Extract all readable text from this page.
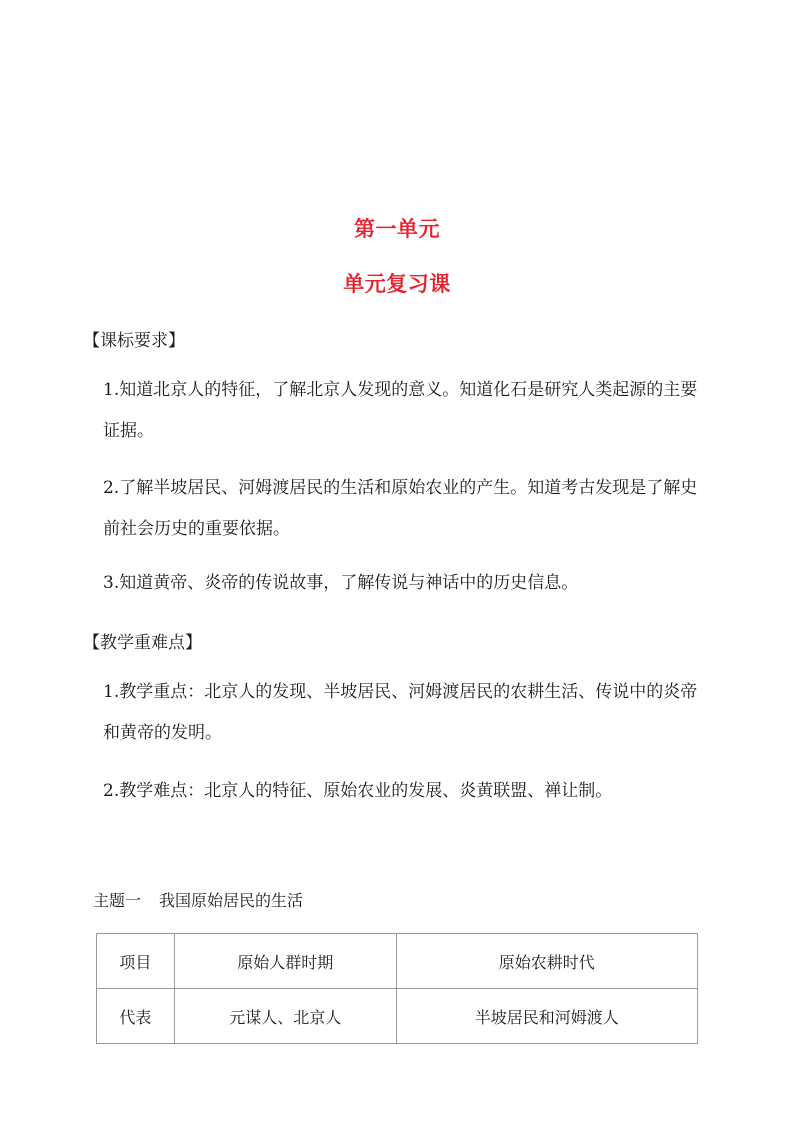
第一单元
单元复习课
【课标要求】
1.知道北京人的特征，了解北京人发现的意义。知道化石是研究人类起源的主要
证据。
2.了解半坡居民、河姆渡居民的生活和原始农业的产生。知道考古发现是了解史
前社会历史的重要依据。
3.知道黄帝、炎帝的传说故事，了解传说与神话中的历史信息。
【教学重难点】
1.教学重点：北京人的发现、半坡居民、河姆渡居民的农耕生活、传说中的炎帝
和黄帝的发明。
2.教学难点：北京人的特征、原始农业的发展、炎黄联盟、禅让制。
主题一 我国原始居民的生活
项目	原始人群时期	原始农耕时代
代表	元谋人、北京人	半坡居民和河姆渡人
